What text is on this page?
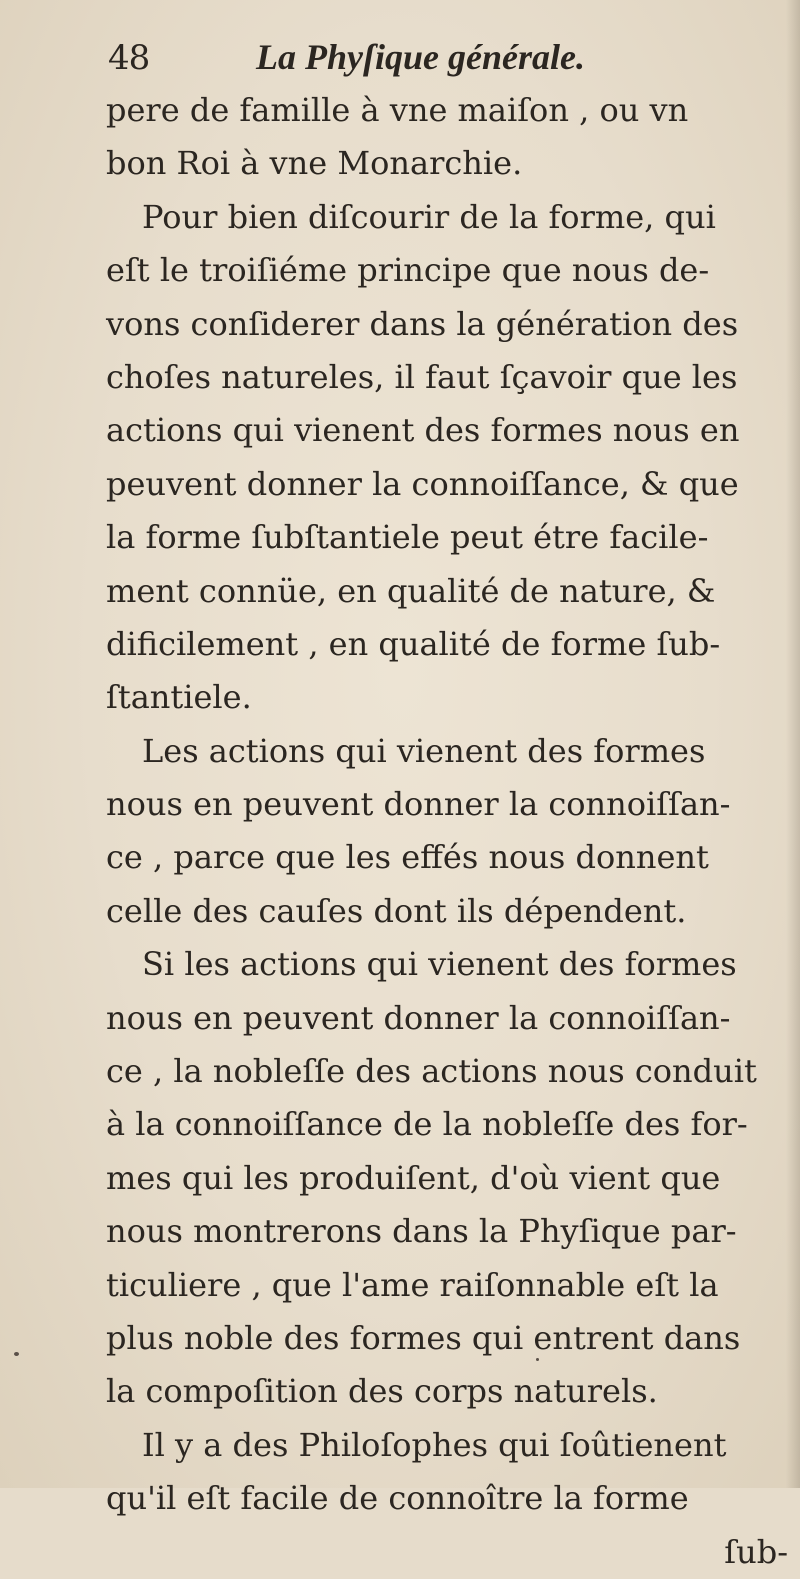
48	La Phyſique générale.
pere de famille à vne maiſon , ou vn
bon Roi à vne Monarchie.
Pour bien diſcourir de la forme, qui
eſt le troiſiéme principe que nous de-
vons conſiderer dans la génération des
choſes natureles, il faut ſçavoir que les
actions qui vienent des formes nous en
peuvent donner la connoiſſance, & que
la forme ſubſtantiele peut étre facile-
ment connüe, en qualité de nature, &
dificilement , en qualité de forme ſub-
ſtantiele.
Les actions qui vienent des formes
nous en peuvent donner la connoiſſan-
ce , parce que les effés nous donnent
celle des cauſes dont ils dépendent.
Si les actions qui vienent des formes
nous en peuvent donner la connoiſſan-
ce , la nobleſſe des actions nous conduit
à la connoiſſance de la nobleſſe des for-
mes qui les produiſent, d'où vient que
nous montrerons dans la Phyſique par-
ticuliere , que l'ame raiſonnable eſt la
plus noble des formes qui entrent dans
la compoſition des corps naturels.
Il y a des Philoſophes qui ſoûtienent
qu'il eſt facile de connoître la forme
ſub-
